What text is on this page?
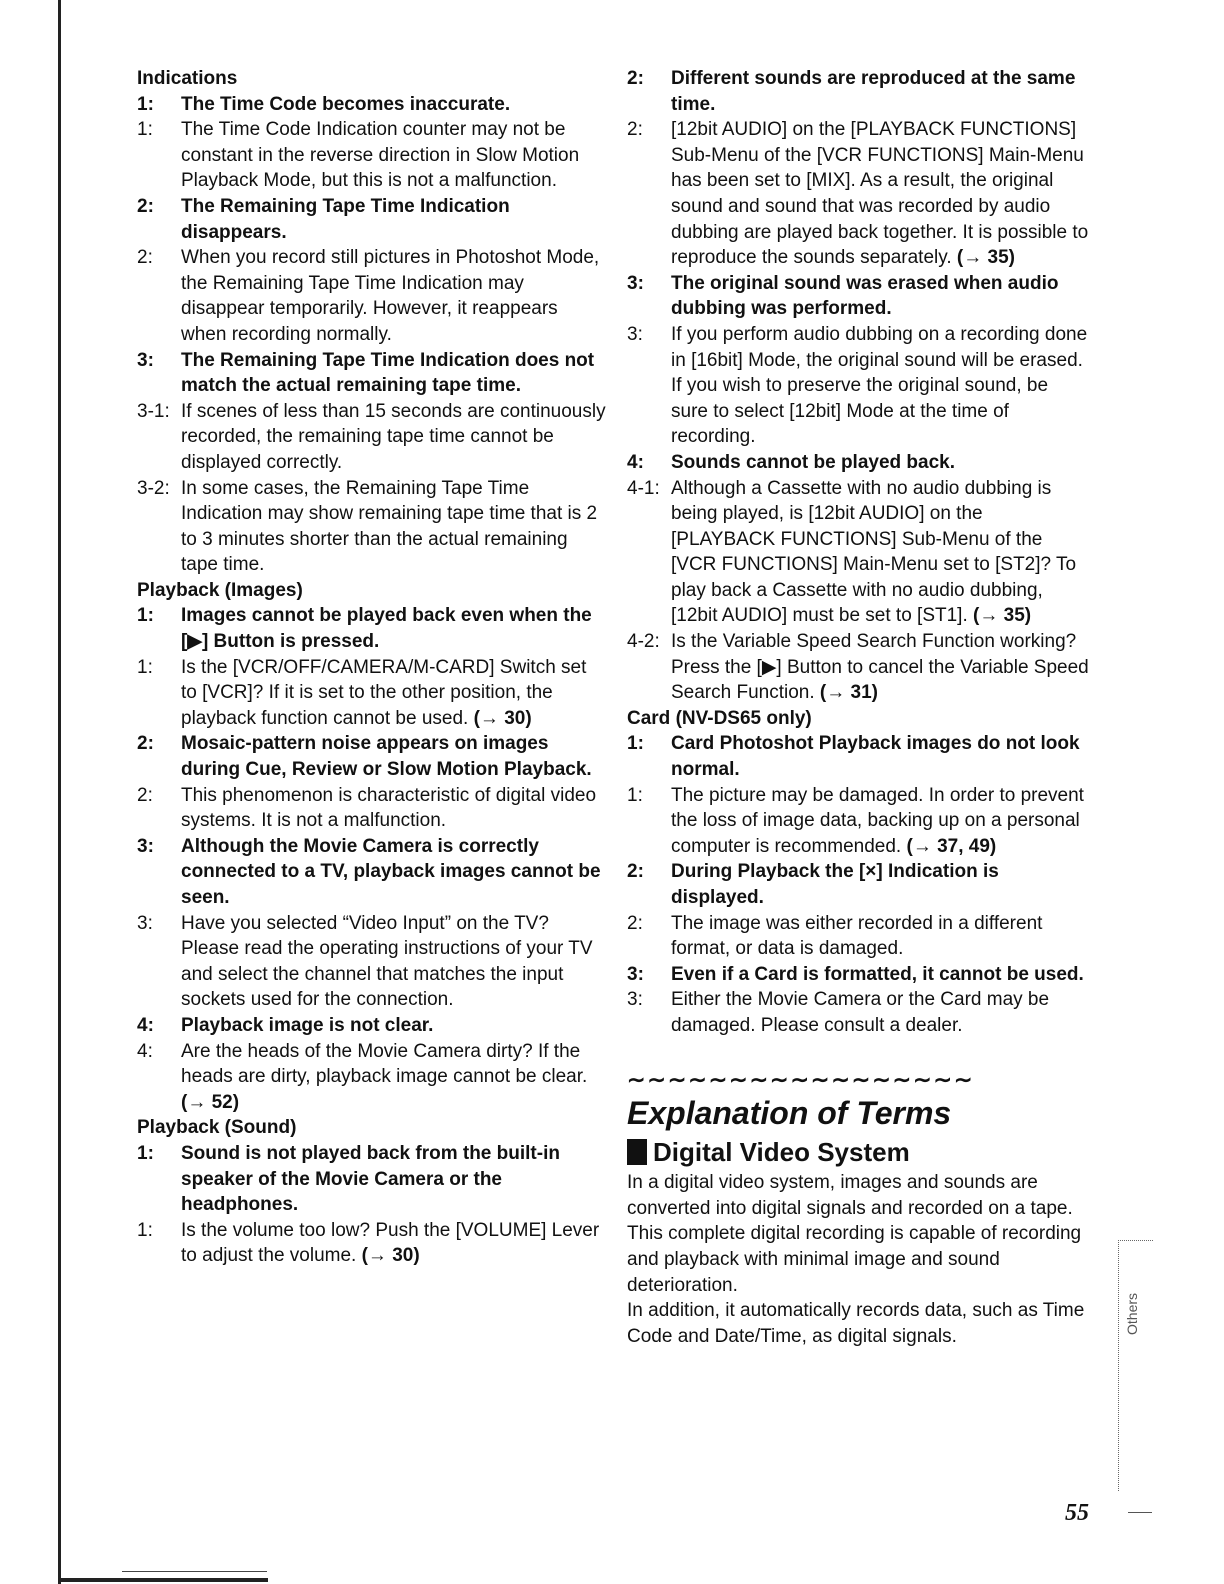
Indications

1:	The Time Code becomes inaccurate.
1:	The Time Code Indication counter may not be constant in the reverse direction in Slow Motion Playback Mode, but this is not a malfunction.
2:	The Remaining Tape Time Indication disappears.
2:	When you record still pictures in Photoshot Mode, the Remaining Tape Time Indication may disappear temporarily. However, it reappears when recording normally.
3:	The Remaining Tape Time Indication does not match the actual remaining tape time.
3-1: If scenes of less than 15 seconds are continuously recorded, the remaining tape time cannot be displayed correctly.
3-2: In some cases, the Remaining Tape Time Indication may show remaining tape time that is 2 to 3 minutes shorter than the actual remaining tape time.

Playback (Images)

1:	Images cannot be played back even when the [▶] Button is pressed.
1:	Is the [VCR/OFF/CAMERA/M-CARD] Switch set to [VCR]? If it is set to the other position, the playback function cannot be used. (→ 30)
2:	Mosaic-pattern noise appears on images during Cue, Review or Slow Motion Playback.
2:	This phenomenon is characteristic of digital video systems. It is not a malfunction.
3:	Although the Movie Camera is correctly connected to a TV, playback images cannot be seen.
3:	Have you selected “Video Input” on the TV? Please read the operating instructions of your TV and select the channel that matches the input sockets used for the connection.
4:	Playback image is not clear.
4:	Are the heads of the Movie Camera dirty? If the heads are dirty, playback image cannot be clear. (→ 52)

Playback (Sound)

1:	Sound is not played back from the built-in speaker of the Movie Camera or the headphones.
1:	Is the volume too low? Push the [VOLUME] Lever to adjust the volume. (→ 30)
2:	Different sounds are reproduced at the same time.
2:	[12bit AUDIO] on the [PLAYBACK FUNCTIONS] Sub-Menu of the [VCR FUNCTIONS] Main-Menu has been set to [MIX]. As a result, the original sound and sound that was recorded by audio dubbing are played back together. It is possible to reproduce the sounds separately. (→ 35)
3:	The original sound was erased when audio dubbing was performed.
3:	If you perform audio dubbing on a recording done in [16bit] Mode, the original sound will be erased. If you wish to preserve the original sound, be sure to select [12bit] Mode at the time of recording.
4:	Sounds cannot be played back.
4-1: Although a Cassette with no audio dubbing is being played, is [12bit AUDIO] on the [PLAYBACK FUNCTIONS] Sub-Menu of the [VCR FUNCTIONS] Main-Menu set to [ST2]? To play back a Cassette with no audio dubbing, [12bit AUDIO] must be set to [ST1]. (→ 35)
4-2: Is the Variable Speed Search Function working? Press the [▶] Button to cancel the Variable Speed Search Function. (→ 31)

Card (NV-DS65 only)

1:	Card Photoshot Playback images do not look normal.
1:	The picture may be damaged. In order to prevent the loss of image data, backing up on a personal computer is recommended. (→ 37, 49)
2:	During Playback the [×] Indication is displayed.
2:	The image was either recorded in a different format, or data is damaged.
3:	Even if a Card is formatted, it cannot be used.
3:	Either the Movie Camera or the Card may be damaged. Please consult a dealer.
∼∼∼∼∼∼∼∼∼∼∼∼∼∼∼∼∼
Explanation of Terms
Digital Video System

In a digital video system, images and sounds are converted into digital signals and recorded on a tape. This complete digital recording is capable of recording and playback with minimal image and sound deterioration.

In addition, it automatically records data, such as Time Code and Date/Time, as digital signals.

Others
55
